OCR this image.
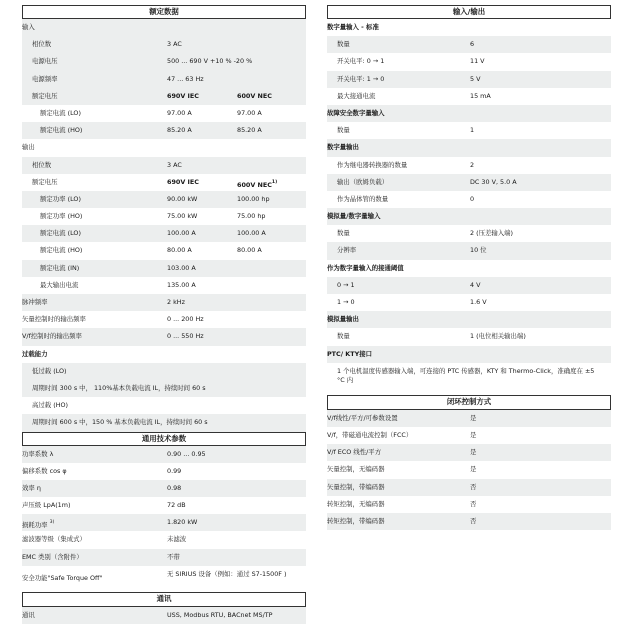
额定数据
输入
相位数	3 AC
电源电压	500 ... 690 V +10 % -20 %
电源频率	47 ... 63 Hz
额定电压	690V IEC	600V NEC
额定电流 (LO)	97.00 A	97.00 A
额定电流 (HO)	85.20 A	85.20 A
输出
相位数	3 AC
额定电压	690V IEC	600V NEC$^{1)}$
额定功率 (LO)	90.00 kW	100.00 hp
额定功率 (HO)	75.00 kW	75.00 hp
额定电流 (LO)	100.00 A	100.00 A
额定电流 (HO)	80.00 A	80.00 A
额定电流 (IN)	103.00 A
最大输出电流	135.00 A
脉冲频率	2 kHz
矢量控制时的输出频率	0 ... 200 Hz
V/f控制时的输出频率	0 ... 550 Hz
过载能力
低过载 (LO)
周期时间 300 s 中， 110%基本负载电流 IL，持续时间 60 s
高过载 (HO)
周期时间 600 s 中，150 % 基本负载电流 IL，持续时间 60 s
通用技术参数
功率系数 λ	0.90 ... 0.95
偏移系数 cos φ	0.99
效率 η	0.98
声压级 LpA(1m)	72 dB
损耗功率 $^{3)}$	1.820 kW
滤波器等级（集成式）	未滤波
EMC 类别（含附件）	不带
安全功能"Safe Torque Off"	无 SIRIUS 设备（例如：通过 S7-1500F )
通讯
通讯	USS, Modbus RTU, BACnet MS/TP
输入/输出
数字量输入 - 标准
数量	6
开关电平: 0 → 1	11 V
开关电平: 1 → 0	5 V
最大接通电流	15 mA
故障安全数字量输入
数量	1
数字量输出
作为继电器转换器的数量	2
输出（欧姆负载）	DC 30 V, 5.0 A
作为晶体管的数量	0
模拟量/数字量输入
数量	2 (压差输入端)
分辨率	10 位
作为数字量输入的接通阈值
0 → 1	4 V
1 → 0	1.6 V
模拟量输出
数量	1 (电位相关输出端)
PTC/ KTY接口
1 个电机温度传感器输入端，可连接的 PTC 传感器，KTY 和 Thermo-Click，准确度在 ±5 °C 内
闭环控制方式
V/f线性/平方/可参数设置	是
V/f，带磁通电流控制（FCC）	是
V/f ECO 线性/平方	是
矢量控制，无编码器	是
矢量控制，带编码器	否
转矩控制，无编码器	否
转矩控制，带编码器	否
